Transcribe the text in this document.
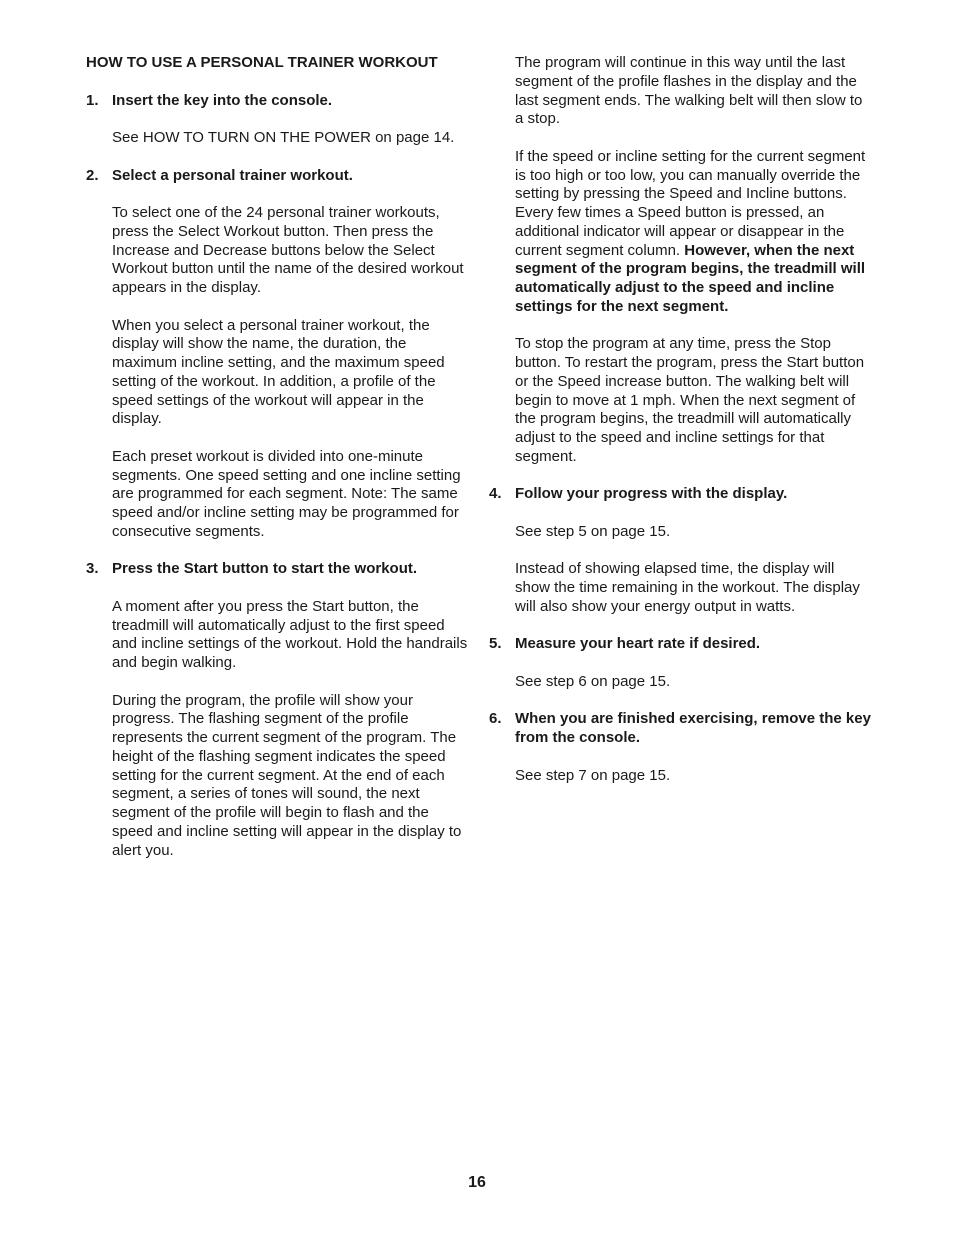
HOW TO USE A PERSONAL TRAINER WORKOUT
1. Insert the key into the console.
See HOW TO TURN ON THE POWER on page 14.
2. Select a personal trainer workout.
To select one of the 24 personal trainer workouts, press the Select Workout button. Then press the Increase and Decrease buttons below the Select Workout button until the name of the desired workout appears in the display.
When you select a personal trainer workout, the display will show the name, the duration, the maximum incline setting, and the maximum speed setting of the workout. In addition, a profile of the speed settings of the workout will appear in the display.
Each preset workout is divided into one-minute segments. One speed setting and one incline setting are programmed for each segment. Note: The same speed and/or incline setting may be programmed for consecutive segments.
3. Press the Start button to start the workout.
A moment after you press the Start button, the treadmill will automatically adjust to the first speed and incline settings of the workout. Hold the handrails and begin walking.
During the program, the profile will show your progress. The flashing segment of the profile represents the current segment of the program. The height of the flashing segment indicates the speed setting for the current segment. At the end of each segment, a series of tones will sound, the next segment of the profile will begin to flash and the speed and incline setting will appear in the display to alert you.
The program will continue in this way until the last segment of the profile flashes in the display and the last segment ends. The walking belt will then slow to a stop.
If the speed or incline setting for the current segment is too high or too low, you can manually override the setting by pressing the Speed and Incline buttons. Every few times a Speed button is pressed, an additional indicator will appear or disappear in the current segment column. However, when the next segment of the program begins, the treadmill will automatically adjust to the speed and incline settings for the next segment.
To stop the program at any time, press the Stop button. To restart the program, press the Start button or the Speed increase button. The walking belt will begin to move at 1 mph. When the next segment of the program begins, the treadmill will automatically adjust to the speed and incline settings for that segment.
4. Follow your progress with the display.
See step 5 on page 15.
Instead of showing elapsed time, the display will show the time remaining in the workout. The display will also show your energy output in watts.
5. Measure your heart rate if desired.
See step 6 on page 15.
6. When you are finished exercising, remove the key from the console.
See step 7 on page 15.
16
